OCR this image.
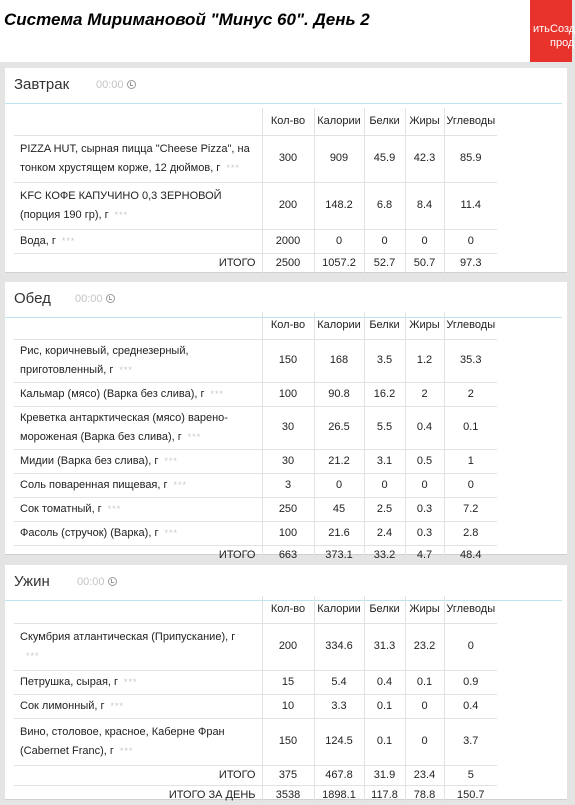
ить Созд прод
Система Миримановой "Минус 60". День 2
Завтрак 00:00
	Кол-во	Калории	Белки	Жиры	Углеводы
PIZZA HUT, сырная пицца "Cheese Pizza", на тонком хрустящем корже, 12 дюймов, г ***	300	909	45.9	42.3	85.9
KFC КОФЕ КАПУЧИНО 0,3 ЗЕРНОВОЙ (порция 190 гр), г ***	200	148.2	6.8	8.4	11.4
Вода, г ***	2000	0	0	0	0
ИТОГО	2500	1057.2	52.7	50.7	97.3
Обед 00:00
	Кол-во	Калории	Белки	Жиры	Углеводы
Рис, коричневый, среднезерный, приготовленный, г ***	150	168	3.5	1.2	35.3
Кальмар (мясо) (Варка без слива), г ***	100	90.8	16.2	2	2
Креветка антарктическая (мясо) варено-мороженая (Варка без слива), г ***	30	26.5	5.5	0.4	0.1
Мидии (Варка без слива), г ***	30	21.2	3.1	0.5	1
Соль поваренная пищевая, г ***	3	0	0	0	0
Сок томатный, г ***	250	45	2.5	0.3	7.2
Фасоль (стручок) (Варка), г ***	100	21.6	2.4	0.3	2.8
ИТОГО	663	373.1	33.2	4.7	48.4
Ужин 00:00
	Кол-во	Калории	Белки	Жиры	Углеводы
Скумбрия атлантическая (Припускание), г
***	200	334.6	31.3	23.2	0
Петрушка, сырая, г ***	15	5.4	0.4	0.1	0.9
Сок лимонный, г ***	10	3.3	0.1	0	0.4
Вино, столовое, красное, Каберне Фран (Cabernet Franc), г ***	150	124.5	0.1	0	3.7
ИТОГО	375	467.8	31.9	23.4	5
ИТОГО ЗА ДЕНЬ	3538	1898.1	117.8	78.8	150.7
